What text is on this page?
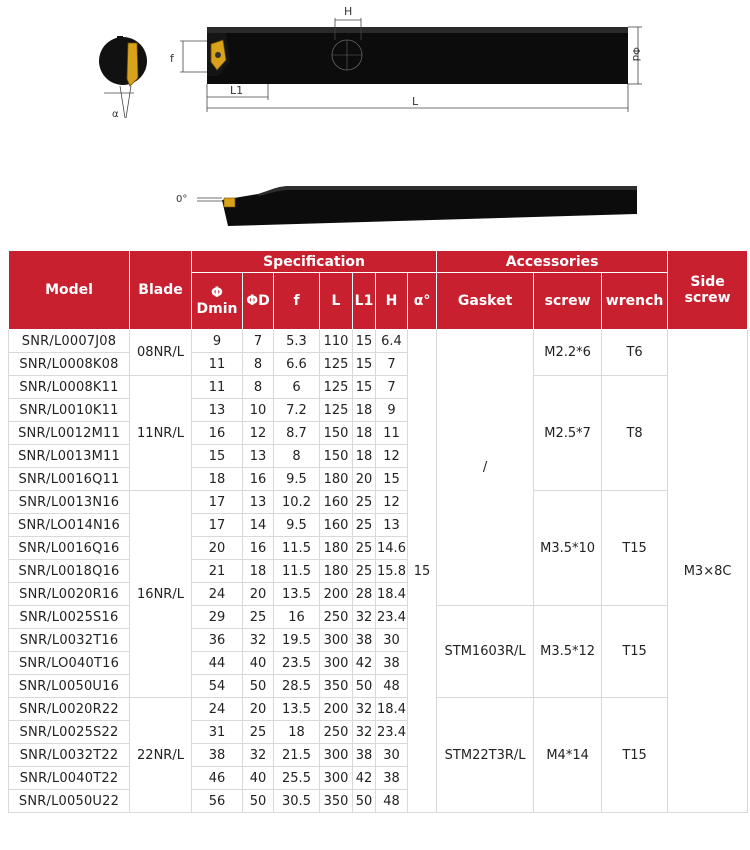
α
H
f	Φd
L1
L
0°
Model	Blade	Specification							Accessories			Side screw
		Φ Dmin	ΦD	f	L	L1	H	α°	Gasket	screw	wrench	
SNR/L0007J08	08NR/L	9	7	5.3	110	15	6.4	15	/	M2.2*6	T6	M3×8C
SNR/L0008K08		11	8	6.6	125	15	7					
SNR/L0008K11	11NR/L	11	8	6	125	15	7			M2.5*7	T8	
SNR/L0010K11		13	10	7.2	125	18	9					
SNR/L0012M11		16	12	8.7	150	18	11					
SNR/L0013M11		15	13	8	150	18	12					
SNR/L0016Q11		18	16	9.5	180	20	15					
SNR/L0013N16	16NR/L	17	13	10.2	160	25	12			M3.5*10	T15	
SNR/LO014N16		17	14	9.5	160	25	13					
SNR/L0016Q16		20	16	11.5	180	25	14.6					
SNR/L0018Q16		21	18	11.5	180	25	15.8					
SNR/L0020R16		24	20	13.5	200	28	18.4					
SNR/L0025S16		29	25	16	250	32	23.4		STM1603R/L	M3.5*12	T15	
SNR/L0032T16		36	32	19.5	300	38	30					
SNR/LO040T16		44	40	23.5	300	42	38					
SNR/L0050U16		54	50	28.5	350	50	48					
SNR/L0020R22	22NR/L	24	20	13.5	200	32	18.4		STM22T3R/L	M4*14	T15	
SNR/L0025S22		31	25	18	250	32	23.4					
SNR/L0032T22		38	32	21.5	300	38	30					
SNR/L0040T22		46	40	25.5	300	42	38					
SNR/L0050U22		56	50	30.5	350	50	48					
